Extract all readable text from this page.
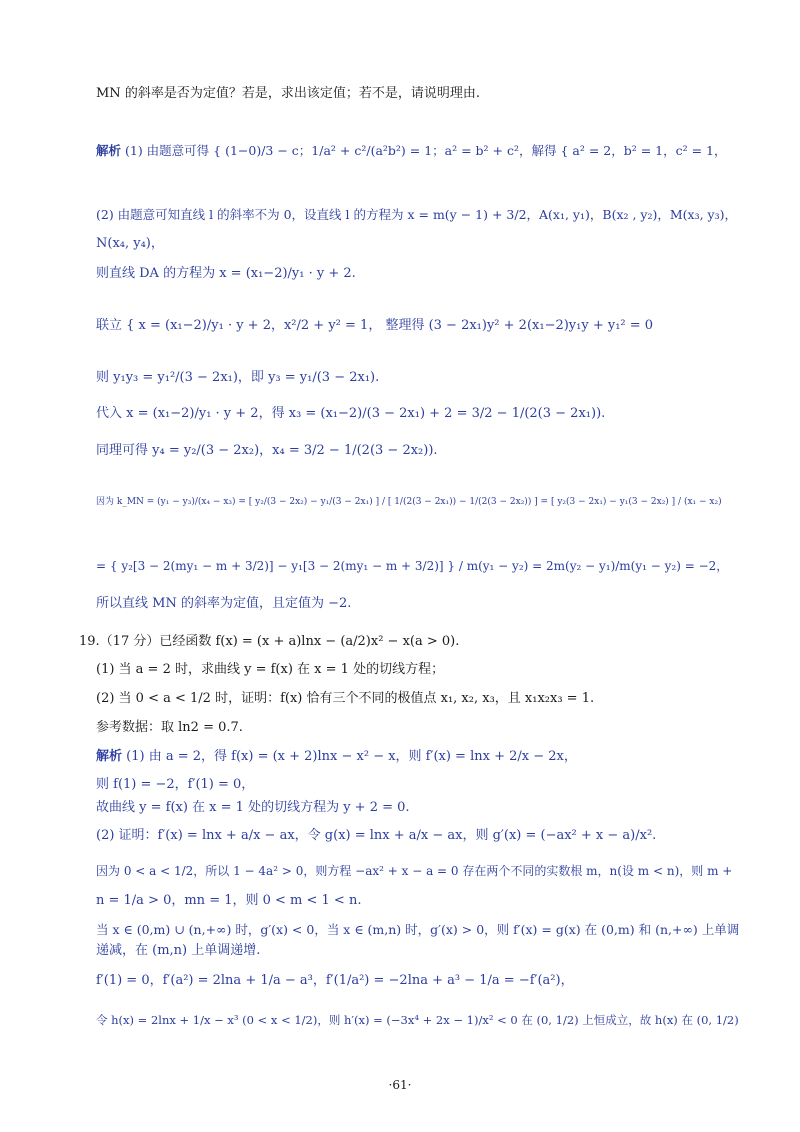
MN 的斜率是否为定值？若是，求出该定值；若不是，请说明理由.
解析 (1) 由题意可得 { (1−0)/3 − c；1/a² + c²/(a²b²) = 1；a² = b² + c²，解得 { a² = 2，b² = 1，c² = 1，
(2) 由题意可知直线 l 的斜率不为 0，设直线 l 的方程为 x = m(y − 1) + 3/2，A(x₁, y₁)，B(x₂ , y₂)，M(x₃, y₃)，
N(x₄, y₄)，
则直线 DA 的方程为 x = (x₁−2)/y₁ · y + 2.
联立 { x = (x₁−2)/y₁ · y + 2，x²/2 + y² = 1， 整理得 (3 − 2x₁)y² + 2(x₁−2)y₁y + y₁² = 0
则 y₁y₃ = y₁²/(3 − 2x₁)，即 y₃ = y₁/(3 − 2x₁).
代入 x = (x₁−2)/y₁ · y + 2，得 x₃ = (x₁−2)/(3 − 2x₁) + 2 = 3/2 − 1/(2(3 − 2x₁)).
同理可得 y₄ = y₂/(3 − 2x₂)，x₄ = 3/2 − 1/(2(3 − 2x₂)).
因为 k_MN = (y₁ − y₃)/(x₄ − x₃) = [ y₂/(3 − 2x₂) − y₁/(3 − 2x₁) ] / [ 1/(2(3 − 2x₁)) − 1/(2(3 − 2x₂)) ] = [ y₂(3 − 2x₁) − y₁(3 − 2x₂) ] / (x₁ − x₂)
= { y₂[3 − 2(my₁ − m + 3/2)] − y₁[3 − 2(my₁ − m + 3/2)] } / m(y₁ − y₂) = 2m(y₂ − y₁)/m(y₁ − y₂) = −2，
所以直线 MN 的斜率为定值，且定值为 −2.
19.（17 分）已经函数 f(x) = (x + a)lnx − (a/2)x² − x(a > 0).
(1) 当 a = 2 时，求曲线 y = f(x) 在 x = 1 处的切线方程；
(2) 当 0 < a < 1/2 时，证明：f(x) 恰有三个不同的极值点 x₁, x₂, x₃，且 x₁x₂x₃ = 1.
参考数据：取 ln2 = 0.7.
解析 (1) 由 a = 2，得 f(x) = (x + 2)lnx − x² − x，则 f′(x) = lnx + 2/x − 2x，
则 f(1) = −2，f′(1) = 0，
故曲线 y = f(x) 在 x = 1 处的切线方程为 y + 2 = 0.
(2) 证明：f′(x) = lnx + a/x − ax，令 g(x) = lnx + a/x − ax，则 g′(x) = (−ax² + x − a)/x².
因为 0 < a < 1/2，所以 1 − 4a² > 0，则方程 −ax² + x − a = 0 存在两个不同的实数根 m，n(设 m < n)，则 m +
n = 1/a > 0，mn = 1，则 0 < m < 1 < n.
当 x ∈ (0,m) ∪ (n,+∞) 时，g′(x) < 0，当 x ∈ (m,n) 时，g′(x) > 0，则 f′(x) = g(x) 在 (0,m) 和 (n,+∞) 上单调
递减，在 (m,n) 上单调递增.
f′(1) = 0，f′(a²) = 2lna + 1/a − a³，f′(1/a²) = −2lna + a³ − 1/a = −f′(a²)，
令 h(x) = 2lnx + 1/x − x³ (0 < x < 1/2)，则 h′(x) = (−3x⁴ + 2x − 1)/x² < 0 在 (0, 1/2) 上恒成立，故 h(x) 在 (0, 1/2)
·61·
